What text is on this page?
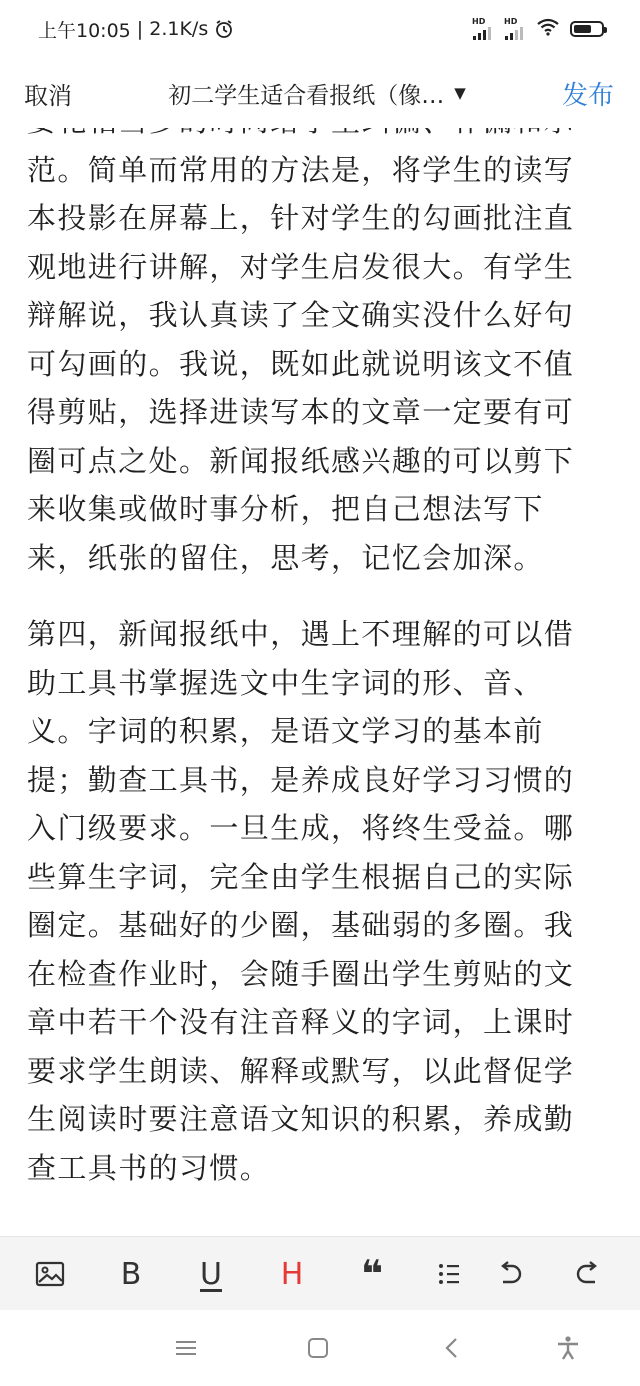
上午10:05 | 2.1K/s	HD HD
取消	初二学生适合看报纸（像… ▼	发布

范。简单而常用的方法是，将学生的读写
本投影在屏幕上，针对学生的勾画批注直
观地进行讲解，对学生启发很大。有学生
辩解说，我认真读了全文确实没什么好句
可勾画的。我说，既如此就说明该文不值
得剪贴，选择进读写本的文章一定要有可
圈可点之处。新闻报纸感兴趣的可以剪下
来收集或做时事分析，把自己想法写下
来，纸张的留住，思考，记忆会加深。

第四，新闻报纸中，遇上不理解的可以借
助工具书掌握选文中生字词的形、音、
义。字词的积累，是语文学习的基本前
提；勤查工具书，是养成良好学习习惯的
入门级要求。一旦生成，将终生受益。哪
些算生字词，完全由学生根据自己的实际
圈定。基础好的少圈，基础弱的多圈。我
在检查作业时，会随手圈出学生剪贴的文
章中若干个没有注音释义的字词，上课时
要求学生朗读、解释或默写，以此督促学
生阅读时要注意语文知识的积累，养成勤
查工具书的习惯。

B	U	H	❝
